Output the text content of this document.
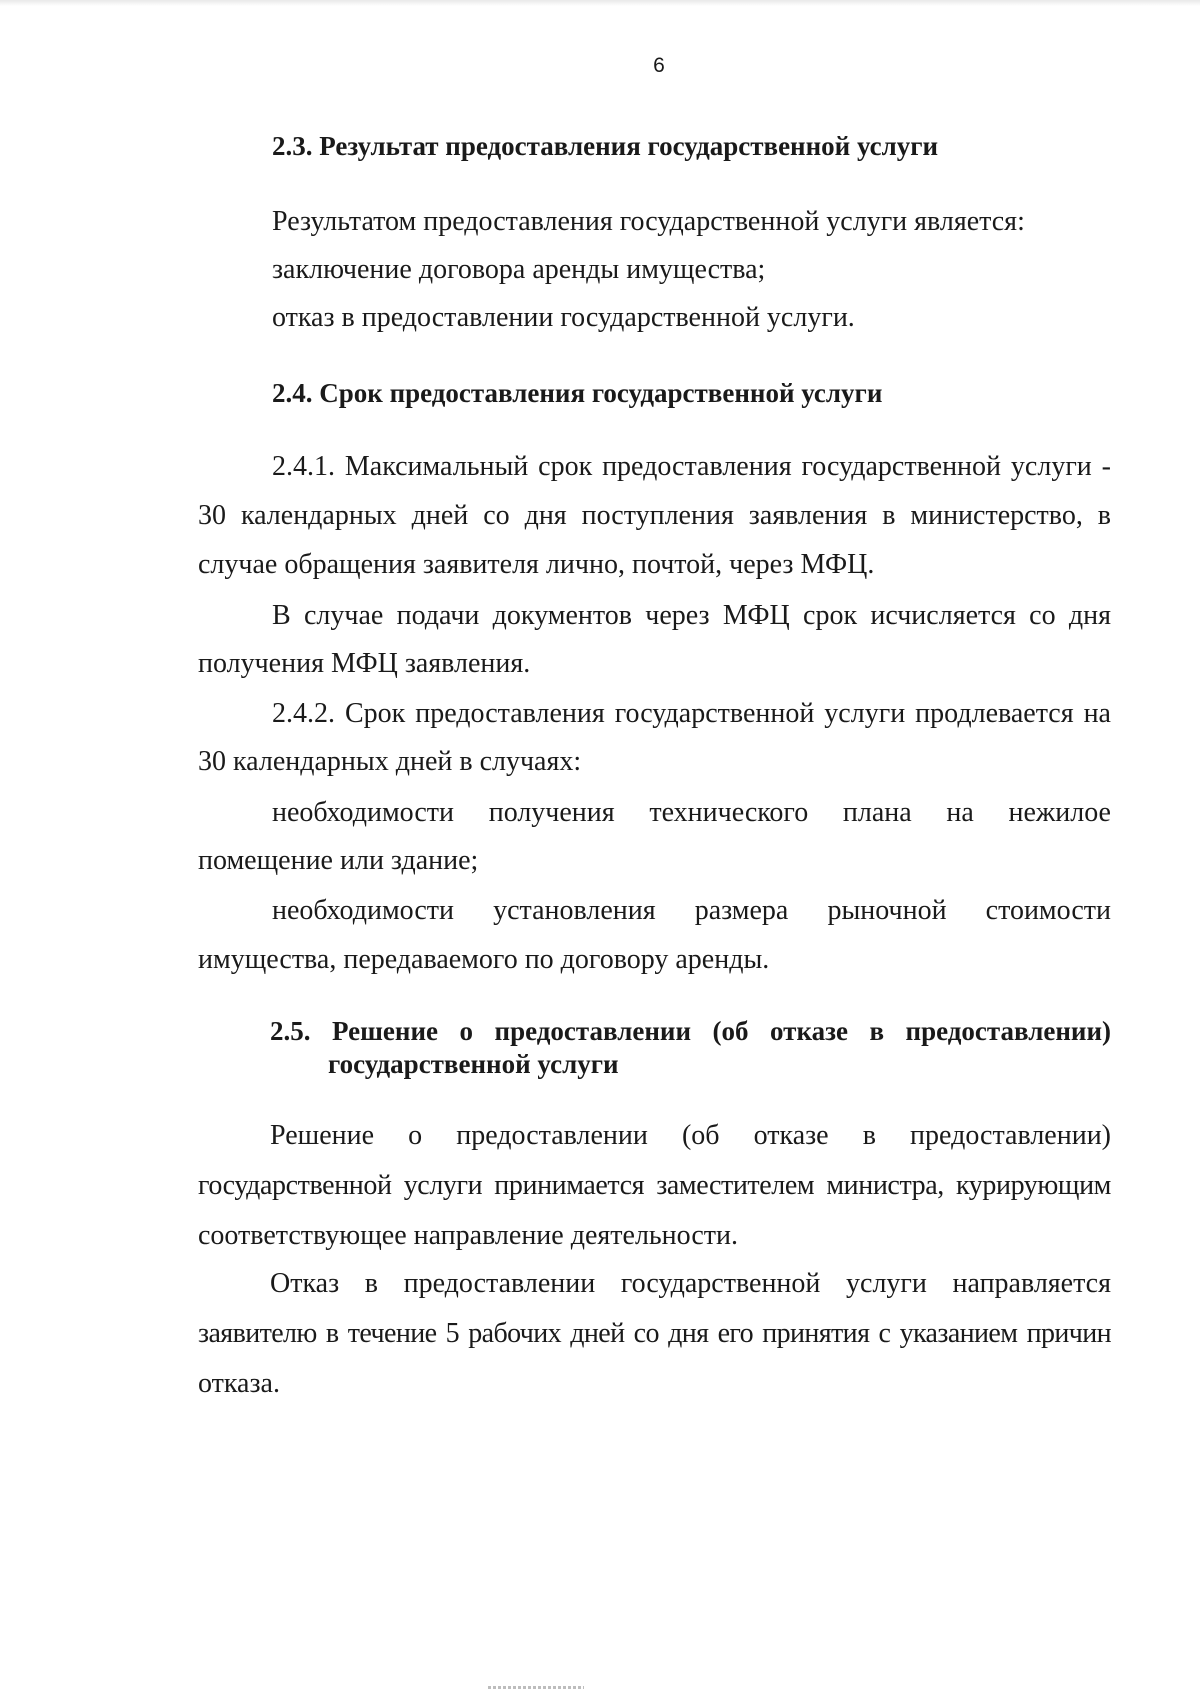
6
2.3. Результат предоставления государственной услуги
Результатом предоставления государственной услуги является:
заключение договора аренды имущества;
отказ в предоставлении государственной услуги.
2.4. Срок предоставления государственной услуги
2.4.1. Максимальный срок предоставления государственной услуги -
30 календарных дней со дня поступления заявления в министерство, в
случае обращения заявителя лично, почтой, через МФЦ.
В случае подачи документов через МФЦ срок исчисляется со дня
получения МФЦ заявления.
2.4.2. Срок предоставления государственной услуги продлевается на
30 календарных дней в случаях:
необходимости получения технического плана на нежилое
помещение или здание;
необходимости установления размера рыночной стоимости
имущества, передаваемого по договору аренды.
2.5. Решение о предоставлении (об отказе в предоставлении)
государственной услуги
Решение о предоставлении (об отказе в предоставлении)
государственной услуги принимается заместителем министра, курирующим
соответствующее направление деятельности.
Отказ в предоставлении государственной услуги направляется
заявителю в течение 5 рабочих дней со дня его принятия с указанием причин
отказа.
